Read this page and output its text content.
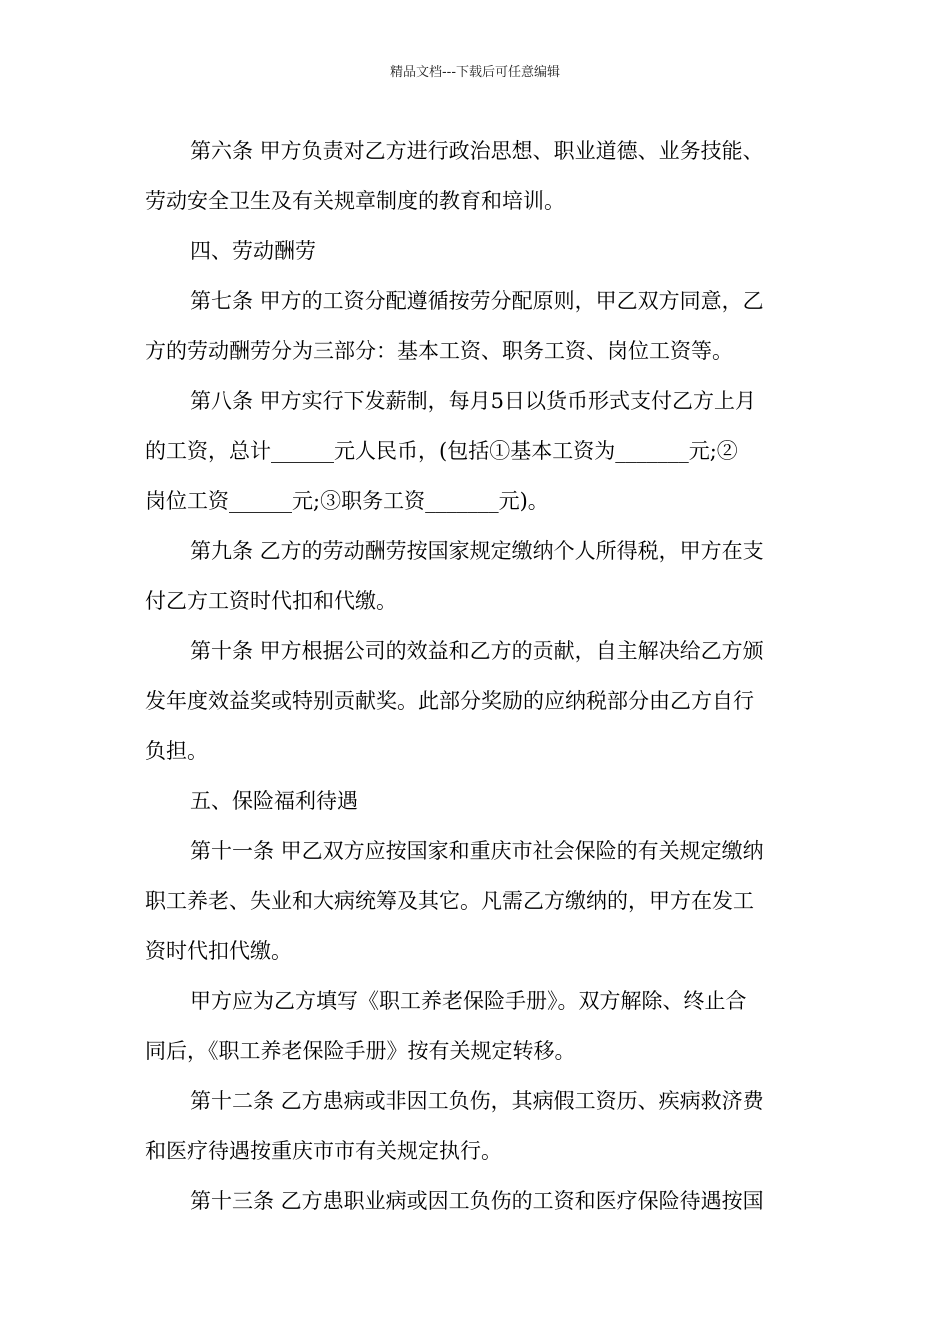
精品文档---下载后可任意编辑
第六条 甲方负责对乙方进行政治思想、职业道德、业务技能、
劳动安全卫生及有关规章制度的教育和培训。
四、劳动酬劳
第七条 甲方的工资分配遵循按劳分配原则，甲乙双方同意，乙
方的劳动酬劳分为三部分：基本工资、职务工资、岗位工资等。
第八条 甲方实行下发薪制，每月5日以货币形式支付乙方上月
的工资，总计______元人民币，(包括①基本工资为_______元;②
岗位工资______元;③职务工资_______元)。
第九条 乙方的劳动酬劳按国家规定缴纳个人所得税，甲方在支
付乙方工资时代扣和代缴。
第十条 甲方根据公司的效益和乙方的贡献，自主解决给乙方颁
发年度效益奖或特别贡献奖。此部分奖励的应纳税部分由乙方自行
负担。
五、保险福利待遇
第十一条 甲乙双方应按国家和重庆市社会保险的有关规定缴纳
职工养老、失业和大病统筹及其它。凡需乙方缴纳的，甲方在发工
资时代扣代缴。
甲方应为乙方填写《职工养老保险手册》。双方解除、终止合
同后，《职工养老保险手册》按有关规定转移。
第十二条 乙方患病或非因工负伤，其病假工资历、疾病救济费
和医疗待遇按重庆市市有关规定执行。
第十三条 乙方患职业病或因工负伤的工资和医疗保险待遇按国
